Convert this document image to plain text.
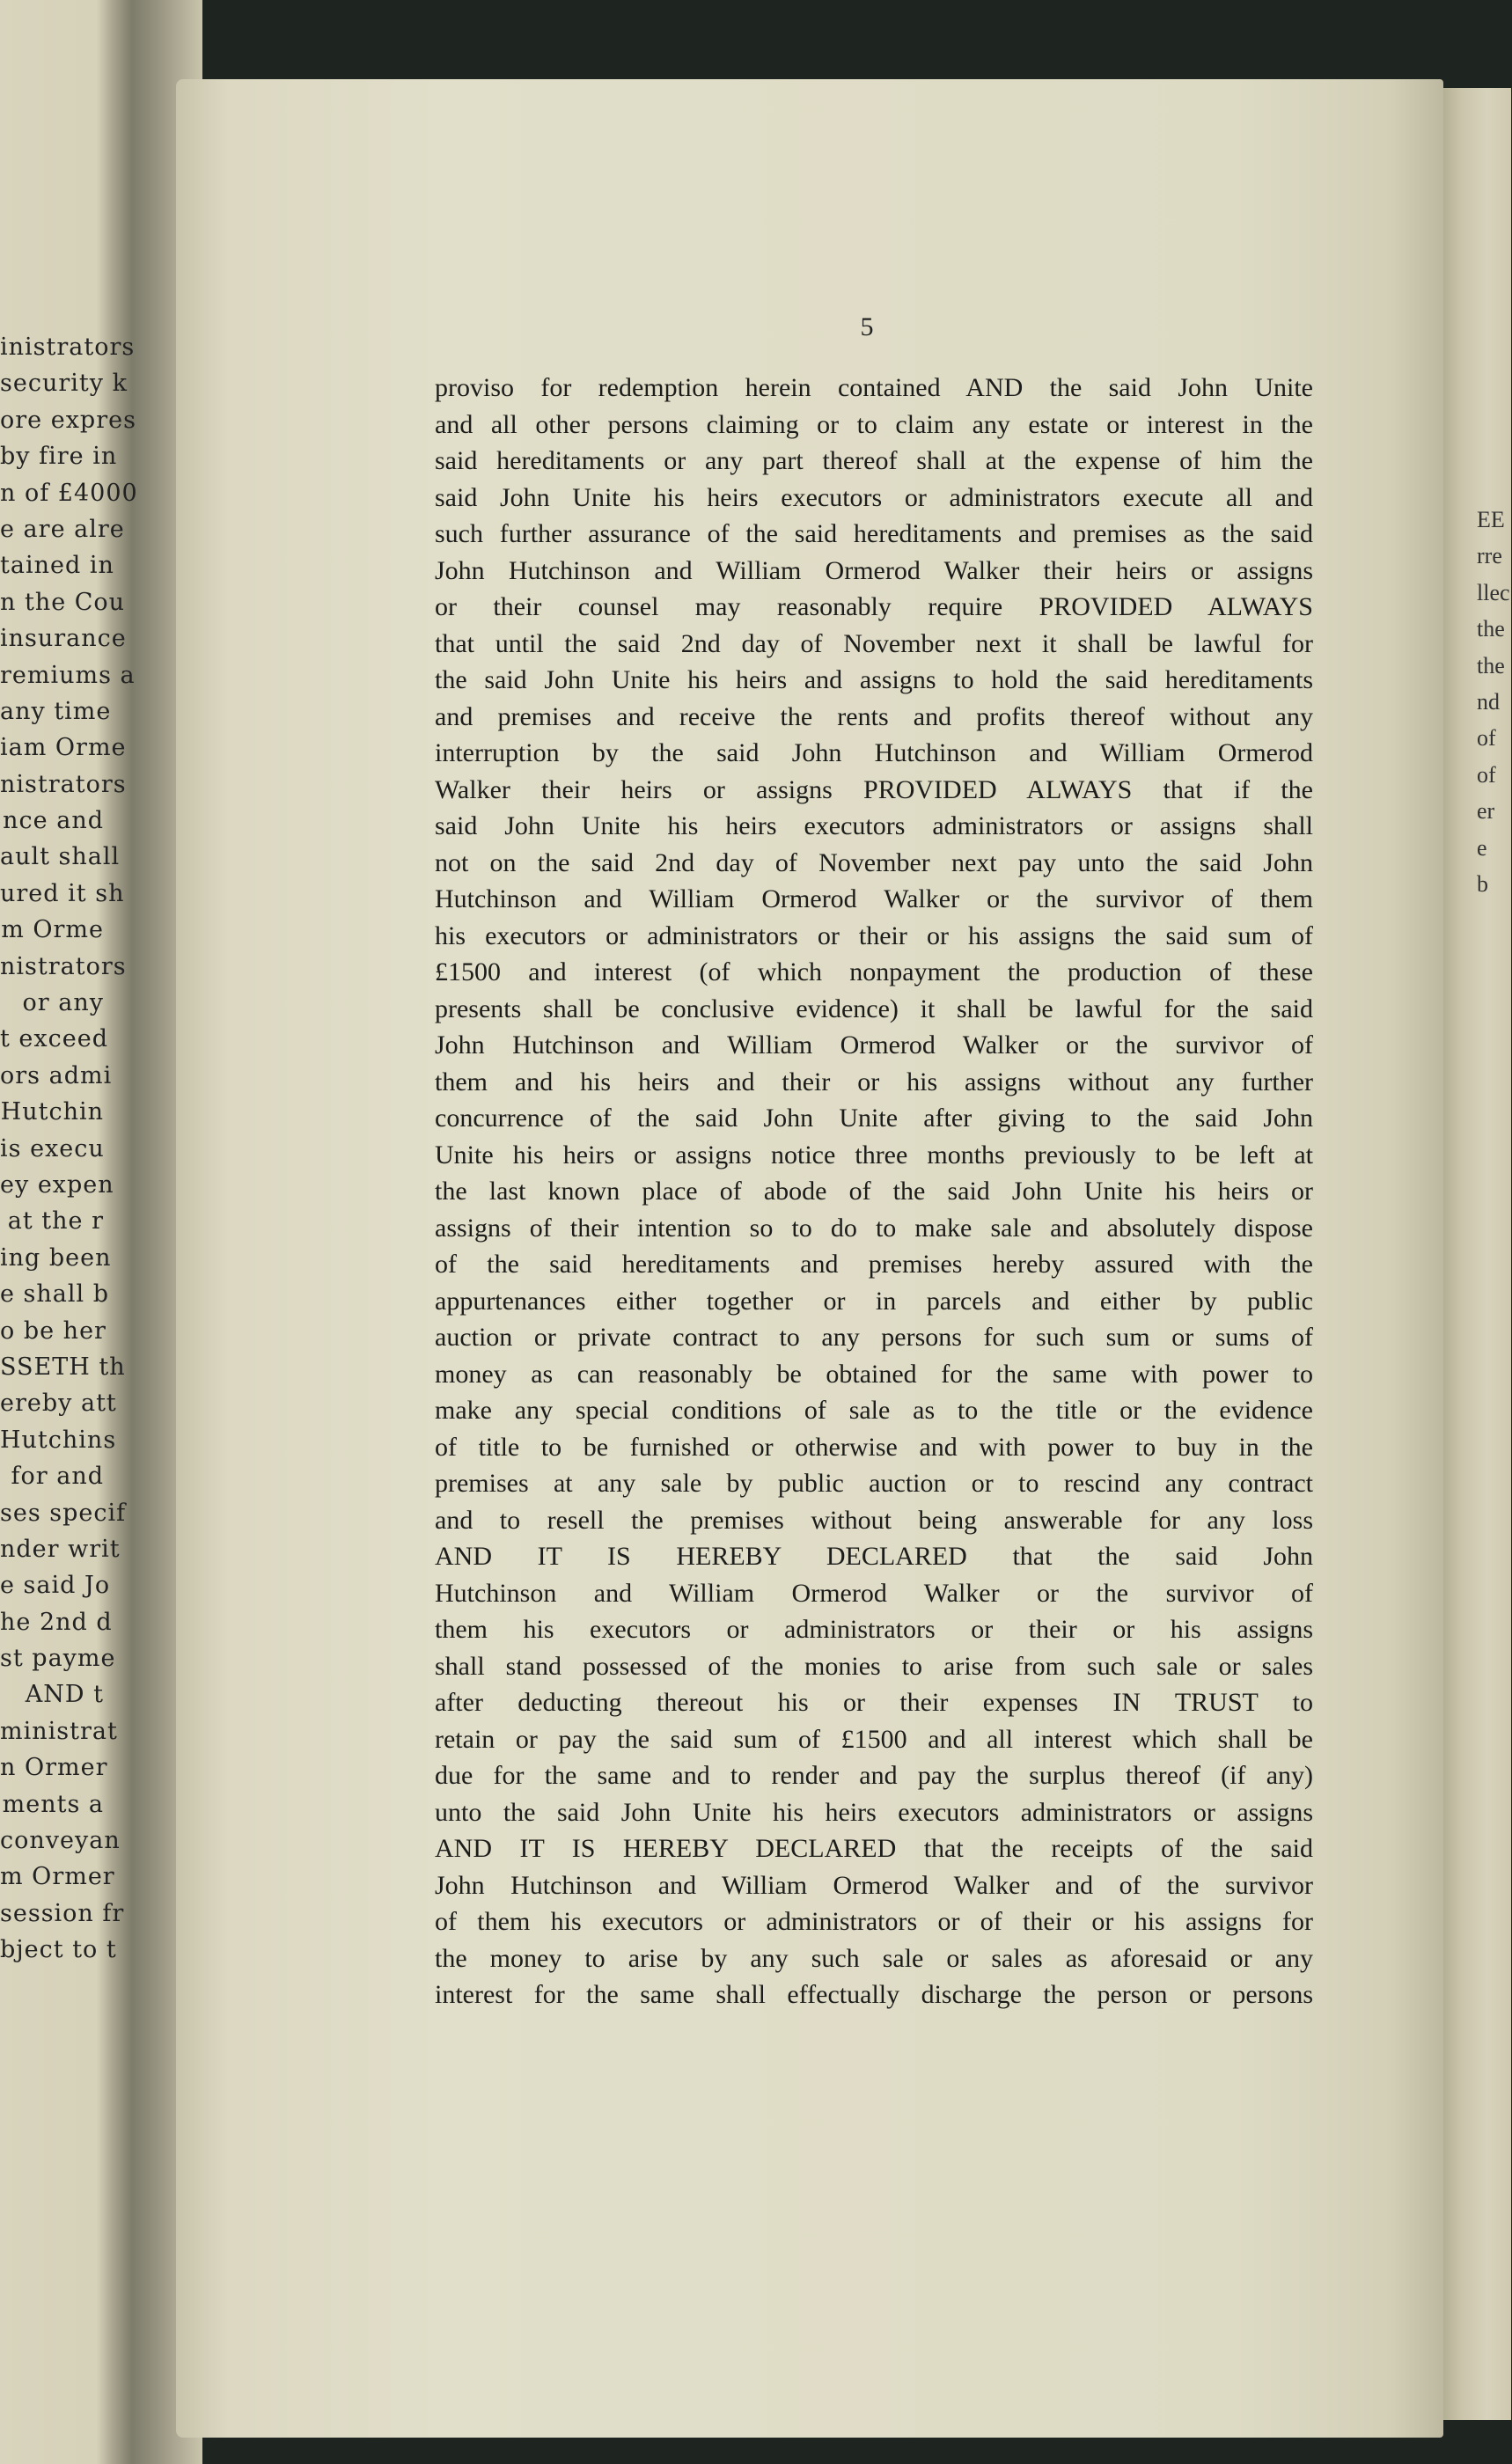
inistrators
security k
ore expres
by fire in
n of £4000
e are alre
tained in
n the Cou
insurance
remiums a
any time
iam Orme
nistrators
nce and
ault shall
ured it sh
m Orme
nistrators
or any
t exceed
ors admi
Hutchin
is execu
ey expen
at the r
ing been
e shall b
o be her
SSETH th
ereby att
Hutchins
for and
ses specif
nder writ
e said Jo
he 2nd d
st payme
AND t
ministrat
n Ormer
ments a
conveyan
m Ormer
session fr
bject to t
EE
rre
llec
the
the
nd
of
of
er
e
b
5
proviso for redemption herein contained AND the said John Unite
and all other persons claiming or to claim any estate or interest in the
said hereditaments or any part thereof shall at the expense of him the
said John Unite his heirs executors or administrators execute all and
such further assurance of the said hereditaments and premises as the said
John Hutchinson and William Ormerod Walker their heirs or assigns
or their counsel may reasonably require PROVIDED ALWAYS
that until the said 2nd day of November next it shall be lawful for
the said John Unite his heirs and assigns to hold the said hereditaments
and premises and receive the rents and profits thereof without any
interruption by the said John Hutchinson and William Ormerod
Walker their heirs or assigns PROVIDED ALWAYS that if the
said John Unite his heirs executors administrators or assigns shall
not on the said 2nd day of November next pay unto the said John
Hutchinson and William Ormerod Walker or the survivor of them
his executors or administrators or their or his assigns the said sum of
£1500 and interest (of which nonpayment the production of these
presents shall be conclusive evidence) it shall be lawful for the said
John Hutchinson and William Ormerod Walker or the survivor of
them and his heirs and their or his assigns without any further
concurrence of the said John Unite after giving to the said John
Unite his heirs or assigns notice three months previously to be left at
the last known place of abode of the said John Unite his heirs or
assigns of their intention so to do to make sale and absolutely dispose
of the said hereditaments and premises hereby assured with the
appurtenances either together or in parcels and either by public
auction or private contract to any persons for such sum or sums of
money as can reasonably be obtained for the same with power to
make any special conditions of sale as to the title or the evidence
of title to be furnished or otherwise and with power to buy in the
premises at any sale by public auction or to rescind any contract
and to resell the premises without being answerable for any loss
AND IT IS HEREBY DECLARED that the said John
Hutchinson and William Ormerod Walker or the survivor of
them his executors or administrators or their or his assigns
shall stand possessed of the monies to arise from such sale or sales
after deducting thereout his or their expenses IN TRUST to
retain or pay the said sum of £1500 and all interest which shall be
due for the same and to render and pay the surplus thereof (if any)
unto the said John Unite his heirs executors administrators or assigns
AND IT IS HEREBY DECLARED that the receipts of the said
John Hutchinson and William Ormerod Walker and of the survivor
of them his executors or administrators or of their or his assigns for
the money to arise by any such sale or sales as aforesaid or any
interest for the same shall effectually discharge the person or persons
